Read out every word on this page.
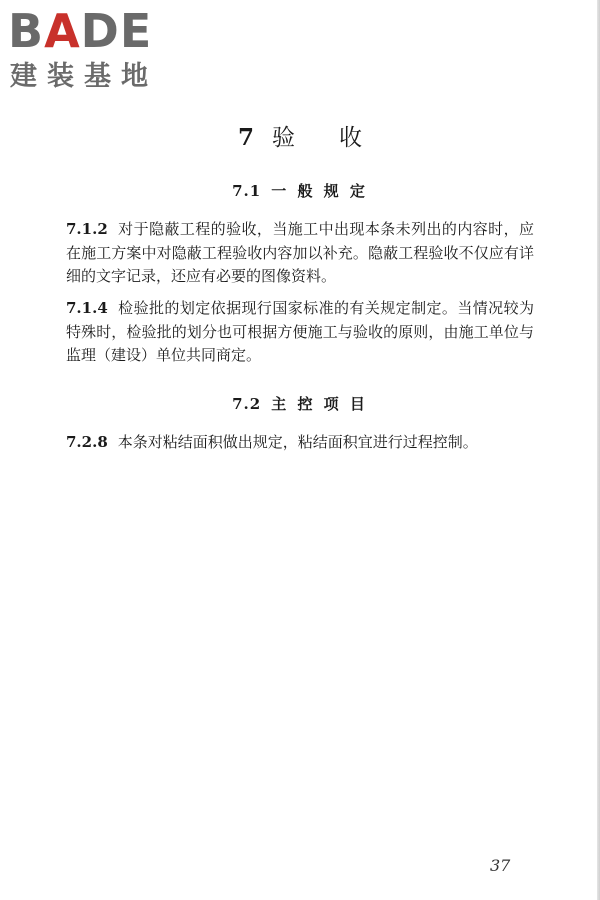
BADE
建装基地
7 验 收
7.1 一 般 规 定
7.1.2 对于隐蔽工程的验收，当施工中出现本条未列出的内容时，应在施工方案中对隐蔽工程验收内容加以补充。隐蔽工程验收不仅应有详细的文字记录，还应有必要的图像资料。
7.1.4 检验批的划定依据现行国家标准的有关规定制定。当情况较为特殊时，检验批的划分也可根据方便施工与验收的原则，由施工单位与监理（建设）单位共同商定。
7.2 主 控 项 目
7.2.8 本条对粘结面积做出规定，粘结面积宜进行过程控制。
37
